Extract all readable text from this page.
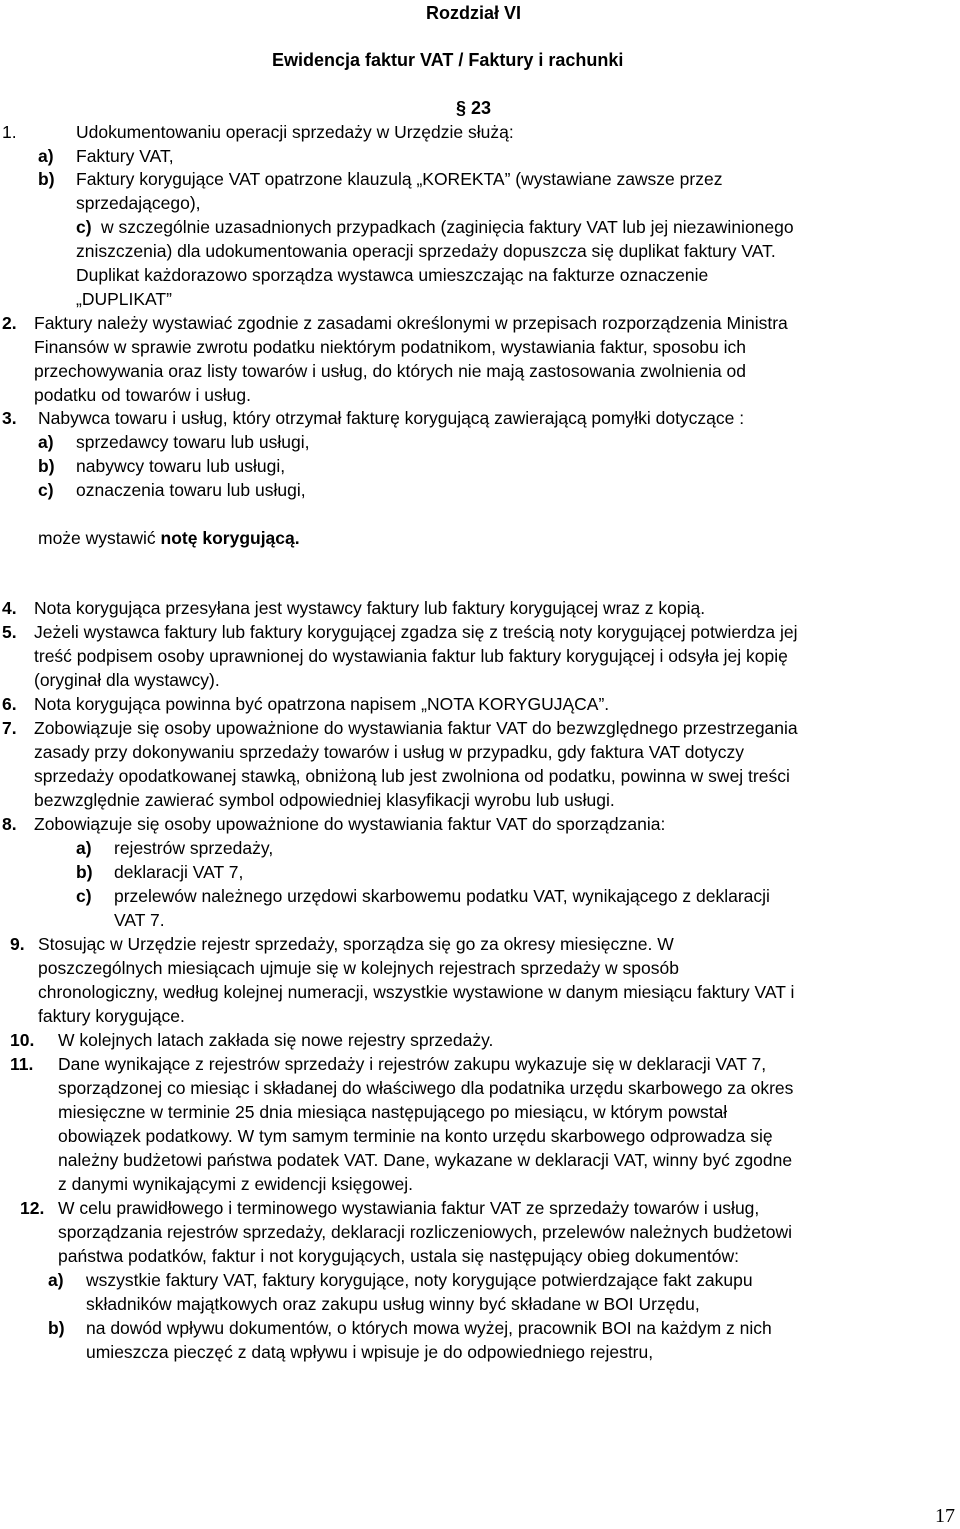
Rozdział VI
Ewidencja faktur VAT / Faktury i rachunki
§ 23
1.	Udokumentowaniu operacji sprzedaży w Urzędzie służą:
a) Faktury VAT,
b) Faktury korygujące VAT opatrzone klauzulą „KOREKTA” (wystawiane zawsze przez
sprzedającego),
c) w szczególnie uzasadnionych przypadkach (zaginięcia faktury VAT lub jej niezawinionego
zniszczenia) dla udokumentowania operacji sprzedaży dopuszcza się duplikat faktury VAT.
Duplikat każdorazowo sporządza wystawca umieszczając na fakturze oznaczenie
„DUPLIKAT”
2. Faktury należy wystawiać zgodnie z zasadami określonymi w przepisach rozporządzenia Ministra
Finansów w sprawie zwrotu podatku niektórym podatnikom, wystawiania faktur, sposobu ich
przechowywania oraz listy towarów i usług, do których nie mają zastosowania zwolnienia od
podatku od towarów i usług.
3. Nabywca towaru i usług, który otrzymał fakturę korygującą zawierającą pomyłki dotyczące :
a) sprzedawcy towaru lub usługi,
b) nabywcy towaru lub usługi,
c) oznaczenia towaru lub usługi,
może wystawić notę korygującą.
4. Nota korygująca przesyłana jest wystawcy faktury lub faktury korygującej wraz z kopią.
5. Jeżeli wystawca faktury lub faktury korygującej zgadza się z treścią noty korygującej potwierdza jej
treść podpisem osoby uprawnionej do wystawiania faktur lub faktury korygującej i odsyła jej kopię
(oryginał dla wystawcy).
6. Nota korygująca powinna być opatrzona napisem „NOTA KORYGUJĄCA”.
7. Zobowiązuje się osoby upoważnione do wystawiania faktur VAT do bezwzględnego przestrzegania
zasady przy dokonywaniu sprzedaży towarów i usług w przypadku, gdy faktura VAT dotyczy
sprzedaży opodatkowanej stawką, obniżoną lub jest zwolniona od podatku, powinna w swej treści
bezwzględnie zawierać symbol odpowiedniej klasyfikacji wyrobu lub usługi.
8. Zobowiązuje się osoby upoważnione do wystawiania faktur VAT do sporządzania:
a) rejestrów sprzedaży,
b) deklaracji VAT 7,
c) przelewów należnego urzędowi skarbowemu podatku VAT, wynikającego z deklaracji
VAT 7.
9. Stosując w Urzędzie rejestr sprzedaży, sporządza się go za okresy miesięczne. W
poszczególnych miesiącach ujmuje się w kolejnych rejestrach sprzedaży w sposób
chronologiczny, według kolejnej numeracji, wszystkie wystawione w danym miesiącu faktury VAT i
faktury korygujące.
10. W kolejnych latach zakłada się nowe rejestry sprzedaży.
11. Dane wynikające z rejestrów sprzedaży i rejestrów zakupu wykazuje się w deklaracji VAT 7,
sporządzonej co miesiąc i składanej do właściwego dla podatnika urzędu skarbowego za okres
miesięczne w terminie 25 dnia miesiąca następującego po miesiącu, w którym powstał
obowiązek podatkowy. W tym samym terminie na konto urzędu skarbowego odprowadza się
należny budżetowi państwa podatek VAT. Dane, wykazane w deklaracji VAT, winny być zgodne
z danymi wynikającymi z ewidencji księgowej.
12. W celu prawidłowego i terminowego wystawiania faktur VAT ze sprzedaży towarów i usług,
sporządzania rejestrów sprzedaży, deklaracji rozliczeniowych, przelewów należnych budżetowi
państwa podatków, faktur i not korygujących, ustala się następujący obieg dokumentów:
a) wszystkie faktury VAT, faktury korygujące, noty korygujące potwierdzające fakt zakupu
składników majątkowych oraz zakupu usług winny być składane w BOI Urzędu,
b) na dowód wpływu dokumentów, o których mowa wyżej, pracownik BOI na każdym z nich
umieszcza pieczęć z datą wpływu i wpisuje je do odpowiedniego rejestru,
17
